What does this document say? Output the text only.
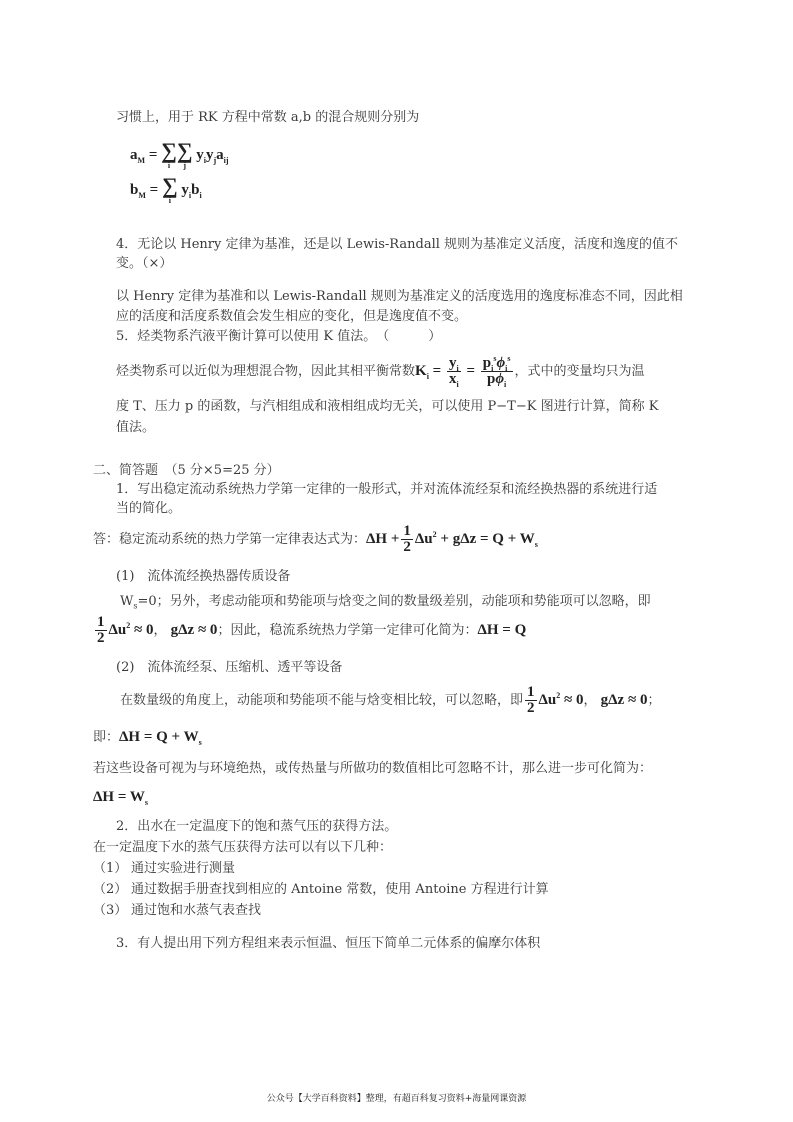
习惯上，用于 RK 方程中常数 a,b 的混合规则分别为
$a_M$ = ∑
i
∑
j
$y_iy_ja_{ij}$
$b_M$ = ∑
i
$y_ib_i$
4．无论以 Henry 定律为基准，还是以 Lewis-Randall 规则为基准定义活度，活度和逸度的值不
变。（×）
以 Henry 定律为基准和以 Lewis-Randall 规则为基准定义的活度选用的逸度标准态不同，因此相
应的活度和活度系数值会发生相应的变化，但是逸度值不变。
5．烃类物系汽液平衡计算可以使用 K 值法。　（　　　）
烃类物系可以近似为理想混合物，因此其相平衡常数$K_i = \frac{y_i}{x_i} = \frac{p_i^s\phi_i^s}{p\phi_i}$ ，式中的变量均只为温
度 T、压力 p 的函数，与汽相组成和液相组成均无关，可以使用 P−T−K 图进行计算，简称 K
值法。
二、简答题　（5 分×5=25 分）
1．写出稳定流动系统热力学第一定律的一般形式，并对流体流经泵和流经换热器的系统进行适
当的简化。
答：稳定流动系统的热力学第一定律表达式为：$\Delta H + \frac{1}{2} \Delta u^2 + g\Delta z = Q + W_s$
(1)　流体流经换热器传质设备
$W_s=0$；另外，考虑动能项和势能项与焓变之间的数量级差别，动能项和势能项可以忽略，即
$\frac{1}{2} \Delta u^2 \approx 0$， gΔz ≈ 0；因此，稳流系统热力学第一定律可化简为：ΔH = Q
(2)　流体流经泵、压缩机、透平等设备
在数量级的角度上，动能项和势能项不能与焓变相比较，可以忽略，即 $\frac{1}{2} \Delta u^2 \approx 0$， gΔz ≈ 0；
即：$\Delta H = Q + W_s$
若这些设备可视为与环境绝热，或传热量与所做功的数值相比可忽略不计，那么进一步可化简为：
$\Delta H = W_s$
2．出水在一定温度下的饱和蒸气压的获得方法。
在一定温度下水的蒸气压获得方法可以有以下几种：
（1） 通过实验进行测量
（2） 通过数据手册查找到相应的 Antoine 常数，使用 Antoine 方程进行计算
（3） 通过饱和水蒸气表查找
3．有人提出用下列方程组来表示恒温、恒压下简单二元体系的偏摩尔体积
公众号【大学百科资料】整理，有超百科复习资料+海量网课资源
